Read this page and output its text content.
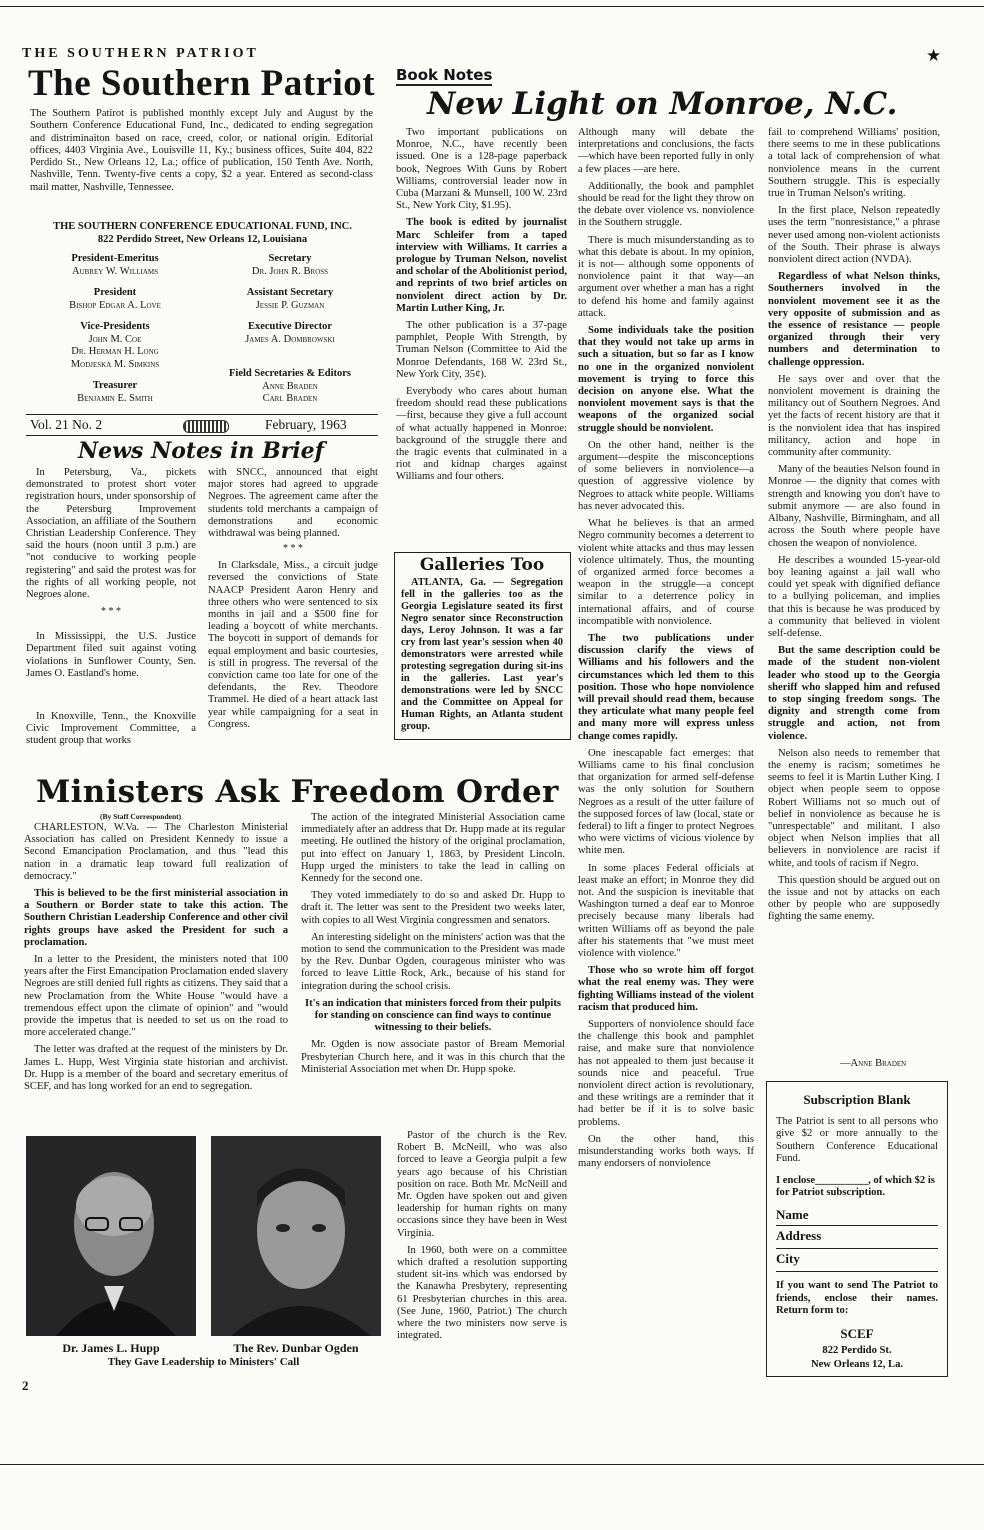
THE SOUTHERN PATRIOT	★
The Southern Patriot

The Southern Patirot is published monthly except July and August by the Southern Conference Educational Fund, Inc., dedicated to ending segregation and distriminaiton based on race, creed, color, or national origin. Editorial offices, 4403 Virginia Ave., Louisville 11, Ky.; business offices, Suite 404, 822 Perdido St., New Orleans 12, La.; office of publication, 150 Tenth Ave. North, Nashville, Tenn. Twenty-five cents a copy, $2 a year. Entered as second-class mail matter, Nashville, Tennessee.

THE SOUTHERN CONFERENCE EDUCATIONAL FUND, INC.
822 Perdido Street, New Orleans 12, Louisiana
President-Emeritus
Aubrey W. Williams
President
Bishop Edgar A. Love
Vice-Presidents
John M. Coe
Dr. Herman H. Long
Modjeska M. Simkins
Treasurer
Benjamin E. Smith
Secretary
Dr. John R. Bross
Assistant Secretary
Jessie P. Guzman
Executive Director
James A. Dombrowski
Field Secretaries & Editors
Anne Braden
Carl Braden
Vol. 21 No. 2	February, 1963
News Notes in Brief

In Petersburg, Va., pickets demonstrated to protest short voter registration hours, under sponsorship of the Petersburg Improvement Association, an affiliate of the Southern Christian Leadership Conference. They said the hours (noon until 3 p.m.) are "not conducive to working people registering" and said the protest was for the rights of all working people, not Negroes alone.

* * *

In Mississippi, the U.S. Justice Department filed suit against voting violations in Sunflower County, Sen. James O. Eastland's home.

In Knoxville, Tenn., the Knoxville Civic Improvement Committee, a student group that works

with SNCC, announced that eight major stores had agreed to upgrade Negroes. The agreement came after the students told merchants a campaign of demonstrations and economic withdrawal was being planned.

* * *

In Clarksdale, Miss., a circuit judge reversed the convictions of State NAACP President Aaron Henry and three others who were sentenced to six months in jail and a $500 fine for leading a boycott of white merchants. The boycott in support of demands for equal employment and basic courtesies, is still in progress. The reversal of the conviction came too late for one of the defendants, the Rev. Theodore Trammel. He died of a heart attack last year while campaigning for a seat in Congress.

Book Notes
New Light on Monroe, N.C.

Two important publications on Monroe, N.C., have recently been issued. One is a 128-page paperback book, Negroes With Guns by Robert Williams, controversial leader now in Cuba (Marzani & Munsell, 100 W. 23rd St., New York City, $1.95).

The book is edited by journalist Marc Schleifer from a taped interview with Williams. It carries a prologue by Truman Nelson, novelist and scholar of the Abolitionist period, and reprints of two brief articles on nonviolent direct action by Dr. Martin Luther King, Jr.

The other publication is a 37-page pamphlet, People With Strength, by Truman Nelson (Committee to Aid the Monroe Defendants, 168 W. 23rd St., New York City, 35¢).

Everybody who cares about human freedom should read these publications—first, because they give a full account of what actually happened in Monroe: background of the struggle there and the tragic events that culminated in a riot and kidnap charges against Williams and four others.

Galleries Too

ATLANTA, Ga. — Segregation fell in the galleries too as the Georgia Legislature seated its first Negro senator since Reconstruction days, Leroy Johnson. It was a far cry from last year's session when 40 demonstrators were arrested while protesting segregation during sit-ins in the galleries. Last year's demonstrations were led by SNCC and the Committee on Appeal for Human Rights, an Atlanta student group.

Although many will debate the interpretations and conclusions, the facts—which have been reported fully in only a few places —are here.

Additionally, the book and pamphlet should be read for the light they throw on the debate over violence vs. nonviolence in the Southern struggle.

There is much misunderstanding as to what this debate is about. In my opinion, it is not— although some opponents of nonviolence paint it that way—an argument over whether a man has a right to defend his home and family against attack.

Some individuals take the position that they would not take up arms in such a situation, but so far as I know no one in the organized nonviolent movement is trying to force this decision on anyone else. What the nonviolent movement says is that the weapons of the organized social struggle should be nonviolent.

On the other hand, neither is the argument—despite the misconceptions of some believers in nonviolence—a question of aggressive violence by Negroes to attack white people. Williams has never advocated this.

What he believes is that an armed Negro community becomes a deterrent to violent white attacks and thus may lessen violence ultimately. Thus, the mounting of organized armed force becomes a weapon in the struggle—a concept similar to a deterrence policy in international affairs, and of course incompatible with nonviolence.

The two publications under discussion clarify the views of Williams and his followers and the circumstances which led them to this position. Those who hope nonviolence will prevail should read them, because they articulate what many people feel and many more will express unless change comes rapidly.

One inescapable fact emerges: that Williams came to his final conclusion that organization for armed self-defense was the only solution for Southern Negroes as a result of the utter failure of the supposed forces of law (local, state or federal) to lift a finger to protect Negroes who were victims of vicious violence by white men.

In some places Federal officials at least make an effort; in Monroe they did not. And the suspicion is inevitable that Washington turned a deaf ear to Monroe precisely because many liberals had written Williams off as beyond the pale after his statements that "we must meet violence with violence."

Those who so wrote him off forgot what the real enemy was. They were fighting Williams instead of the violent racism that produced him.

Supporters of nonviolence should face the challenge this book and pamphlet raise, and make sure that nonviolence has not appealed to them just because it sounds nice and peaceful. True nonviolent direct action is revolutionary, and these writings are a reminder that it had better be if it is to solve basic problems.

On the other hand, this misunderstanding works both ways. If many endorsers of nonviolence

fail to comprehend Williams' position, there seems to me in these publications a total lack of comprehension of what nonviolence means in the current Southern struggle. This is especially true in Truman Nelson's writing.

In the first place, Nelson repeatedly uses the term "nonresistance," a phrase never used among non-violent actionists of the South. Their phrase is always nonviolent direct action (NVDA).

Regardless of what Nelson thinks, Southerners involved in the nonviolent movement see it as the very opposite of submission and as the essence of resistance — people organized through their very numbers and determination to challenge oppression.

He says over and over that the nonviolent movement is draining the militancy out of Southern Negroes. And yet the facts of recent history are that it is the nonviolent idea that has inspired militancy, action and hope in community after community.

Many of the beauties Nelson found in Monroe — the dignity that comes with strength and knowing you don't have to submit anymore — are also found in Albany, Nashville, Birmingham, and all across the South where people have chosen the weapon of nonviolence.

He describes a wounded 15-year-old boy leaning against a jail wall who could yet speak with dignified defiance to a bullying policeman, and implies that this is because he was produced by a community that believed in violent self-defense.

But the same description could be made of the student non-violent leader who stood up to the Georgia sheriff who slapped him and refused to stop singing freedom songs. The dignity and strength come from struggle and action, not from violence.

Nelson also needs to remember that the enemy is racism; sometimes he seems to feel it is Martin Luther King. I object when people seem to oppose Robert Williams not so much out of belief in nonviolence as because he is "unrespectable" and militant. I also object when Nelson implies that all believers in nonviolence are racist if white, and tools of racism if Negro.

This question should be argued out on the issue and not by attacks on each other by people who are supposedly fighting the same enemy.

—Anne Braden
Ministers Ask Freedom Order
(By Staff Correspondent)

CHARLESTON, W.Va. — The Charleston Ministerial Association has called on President Kennedy to issue a Second Emancipation Proclamation, and thus "lead this nation in a dramatic leap toward full realization of democracy."

This is believed to be the first ministerial association in a Southern or Border state to take this action. The Southern Christian Leadership Conference and other civil rights groups have asked the President for such a proclamation.

In a letter to the President, the ministers noted that 100 years after the First Emancipation Proclamation ended slavery Negroes are still denied full rights as citizens. They said that a new Proclamation from the White House "would have a tremendous effect upon the climate of opinion" and "would provide the impetus that is needed to set us on the road to more accelerated change."

The letter was drafted at the request of the ministers by Dr. James L. Hupp, West Virginia state historian and archivist. Dr. Hupp is a member of the board and secretary emeritus of SCEF, and has long worked for an end to segregation.

The action of the integrated Ministerial Association came immediately after an address that Dr. Hupp made at its regular meeting. He outlined the history of the original proclamation, put into effect on January 1, 1863, by President Lincoln. Hupp urged the ministers to take the lead in calling on Kennedy for the second one.

They voted immediately to do so and asked Dr. Hupp to draft it. The letter was sent to the President two weeks later, with copies to all West Virginia congressmen and senators.

An interesting sidelight on the ministers' action was that the motion to send the communication to the President was made by the Rev. Dunbar Ogden, courageous minister who was forced to leave Little Rock, Ark., because of his stand for integration during the school crisis.

It's an indication that ministers forced from their pulpits for standing on conscience can find ways to continue witnessing to their beliefs.

Mr. Ogden is now associate pastor of Bream Memorial Presbyterian Church here, and it was in this church that the Ministerial Association met when Dr. Hupp spoke.

Dr. James L. Hupp	The Rev. Dunbar Ogden
They Gave Leadership to Ministers' Call

Pastor of the church is the Rev. Robert B. McNeill, who was also forced to leave a Georgia pulpit a few years ago because of his Christian position on race. Both Mr. McNeill and Mr. Ogden have spoken out and given leadership for human rights on many occasions since they have been in West Virginia.

In 1960, both were on a committee which drafted a resolution supporting student sit-ins which was endorsed by the Kanawha Presbytery, representing 61 Presbyterian churches in this area. (See June, 1960, Patriot.) The church where the two ministers now serve is integrated.

Subscription Blank
The Patriot is sent to all persons who give $2 or more annually to the Southern Conference Educational Fund.
I enclose__________, of which $2 is for Patriot subscription.
Name
Address
City
If you want to send The Patriot to friends, enclose their names. Return form to:
SCEF
822 Perdido St.
New Orleans 12, La.
2
